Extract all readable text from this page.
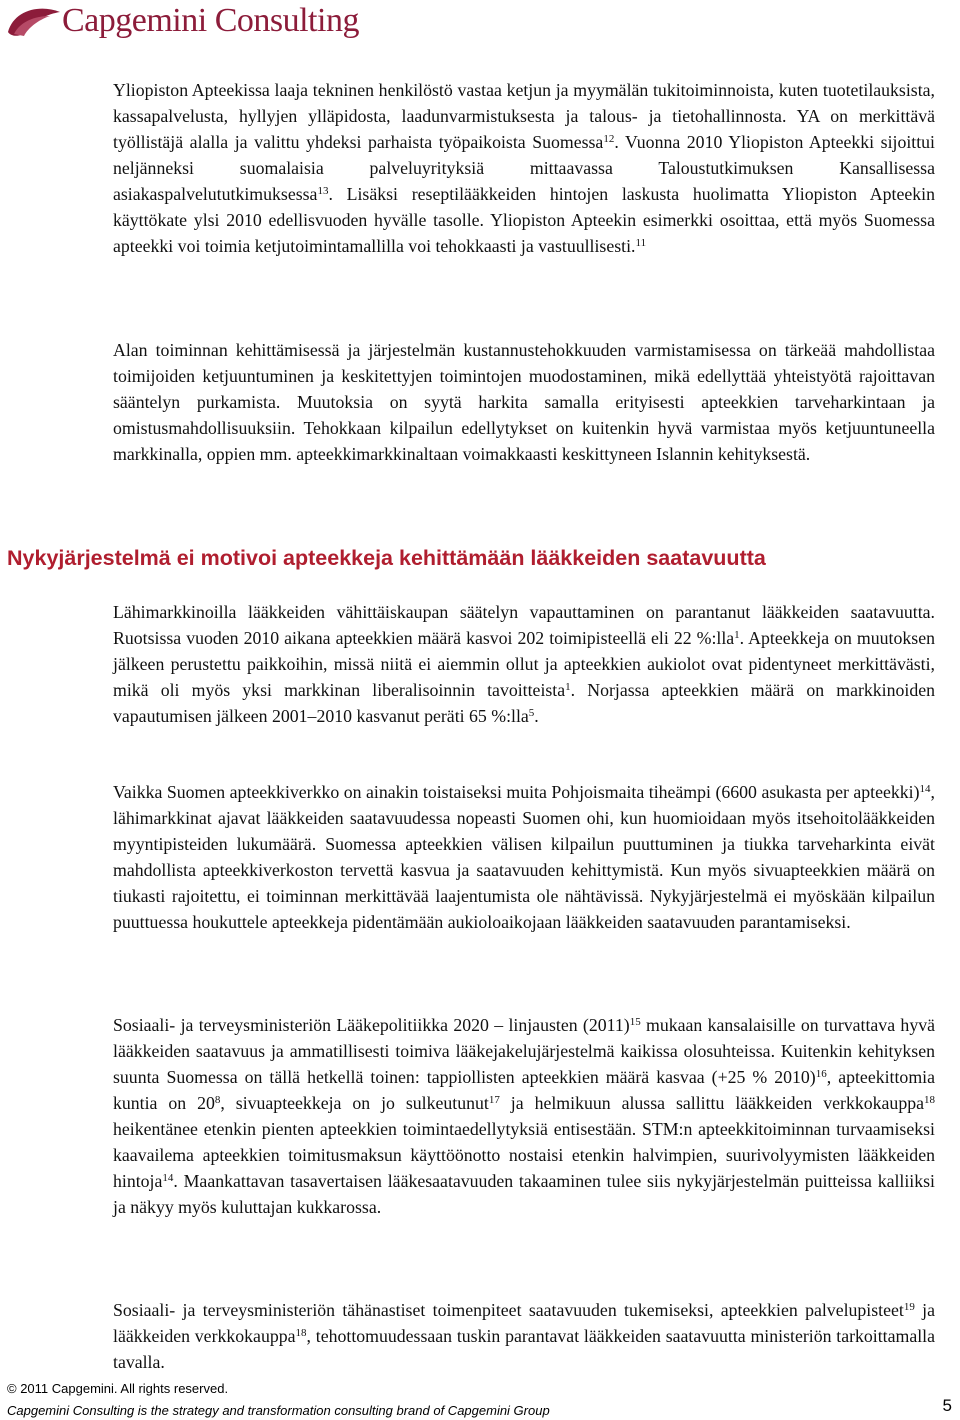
Capgemini Consulting
Yliopiston Apteekissa laaja tekninen henkilöstö vastaa ketjun ja myymälän tukitoiminnoista, kuten tuotetilauksista, kassapalvelusta, hyllyjen ylläpidosta, laadunvarmistuksesta ja talous- ja tietohallinnosta. YA on merkittävä työllistäjä alalla ja valittu yhdeksi parhaista työpaikoista Suomessa$^{12}$. Vuonna 2010 Yliopiston Apteekki sijoittui neljänneksi suomalaisia palveluyrityksiä mittaavassa Taloustutkimuksen Kansallisessa asiakaspalvelututkimuksessa$^{13}$. Lisäksi reseptilääkkeiden hintojen laskusta huolimatta Yliopiston Apteekin käyttökate ylsi 2010 edellisvuoden hyvälle tasolle. Yliopiston Apteekin esimerkki osoittaa, että myös Suomessa apteekki voi toimia ketjutoimintamallilla voi tehokkaasti ja vastuullisesti.$^{11}$
Alan toiminnan kehittämisessä ja järjestelmän kustannustehokkuuden varmistamisessa on tärkeää mahdollistaa toimijoiden ketjuuntuminen ja keskitettyjen toimintojen muodostaminen, mikä edellyttää yhteistyötä rajoittavan sääntelyn purkamista. Muutoksia on syytä harkita samalla erityisesti apteekkien tarveharkintaan ja omistusmahdollisuuksiin. Tehokkaan kilpailun edellytykset on kuitenkin hyvä varmistaa myös ketjuuntuneella markkinalla, oppien mm. apteekkimarkkinaltaan voimakkaasti keskittyneen Islannin kehityksestä.
Nykyjärjestelmä ei motivoi apteekkeja kehittämään lääkkeiden saatavuutta
Lähimarkkinoilla lääkkeiden vähittäiskaupan säätelyn vapauttaminen on parantanut lääkkeiden saatavuutta. Ruotsissa vuoden 2010 aikana apteekkien määrä kasvoi 202 toimipisteellä eli 22 %:lla$^1$. Apteekkeja on muutoksen jälkeen perustettu paikkoihin, missä niitä ei aiemmin ollut ja apteekkien aukiolot ovat pidentyneet merkittävästi, mikä oli myös yksi markkinan liberalisoinnin tavoitteista$^1$. Norjassa apteekkien määrä on markkinoiden vapautumisen jälkeen 2001–2010 kasvanut peräti 65 %:lla$^5$.
Vaikka Suomen apteekkiverkko on ainakin toistaiseksi muita Pohjoismaita tiheämpi (6600 asukasta per apteekki)$^{14}$, lähimarkkinat ajavat lääkkeiden saatavuudessa nopeasti Suomen ohi, kun huomioidaan myös itsehoitolääkkeiden myyntipisteiden lukumäärä. Suomessa apteekkien välisen kilpailun puuttuminen ja tiukka tarveharkinta eivät mahdollista apteekkiverkoston tervettä kasvua ja saatavuuden kehittymistä. Kun myös sivuapteekkien määrä on tiukasti rajoitettu, ei toiminnan merkittävää laajentumista ole nähtävissä. Nykyjärjestelmä ei myöskään kilpailun puuttuessa houkuttele apteekkeja pidentämään aukioloaikojaan lääkkeiden saatavuuden parantamiseksi.
Sosiaali- ja terveysministeriön Lääkepolitiikka 2020 – linjausten $(2011)^{15}$ mukaan kansalaisille on turvattava hyvä lääkkeiden saatavuus ja ammatillisesti toimiva lääkejakelujärjestelmä kaikissa olosuhteissa. Kuitenkin kehityksen suunta Suomessa on tällä hetkellä toinen: tappiollisten apteekkien määrä kasvaa (+25 % 2010)$^{16}$, apteekittomia kuntia on $20^8$, sivuapteekkeja on jo sulkeutunut$^{17}$ ja helmikuun alussa sallittu lääkkeiden verkkokauppa$^{18}$ heikentänee etenkin pienten apteekkien toimintaedellytyksiä entisestään. STM:n apteekkitoiminnan turvaamiseksi kaavailema apteekkien toimitusmaksun käyttöönotto nostaisi etenkin halvimpien, suurivolyymisten lääkkeiden hintoja$^{14}$. Maankattavan tasavertaisen lääkesaatavuuden takaaminen tulee siis nykyjärjestelmän puitteissa kalliiksi ja näkyy myös kuluttajan kukkarossa.
Sosiaali- ja terveysministeriön tähänastiset toimenpiteet saatavuuden tukemiseksi, apteekkien palvelupisteet$^{19}$ ja lääkkeiden verkkokauppa$^{18}$, tehottomuudessaan tuskin parantavat lääkkeiden saatavuutta ministeriön tarkoittamalla tavalla.
© 2011 Capgemini. All rights reserved.
Capgemini Consulting is the strategy and transformation consulting brand of Capgemini Group	5
